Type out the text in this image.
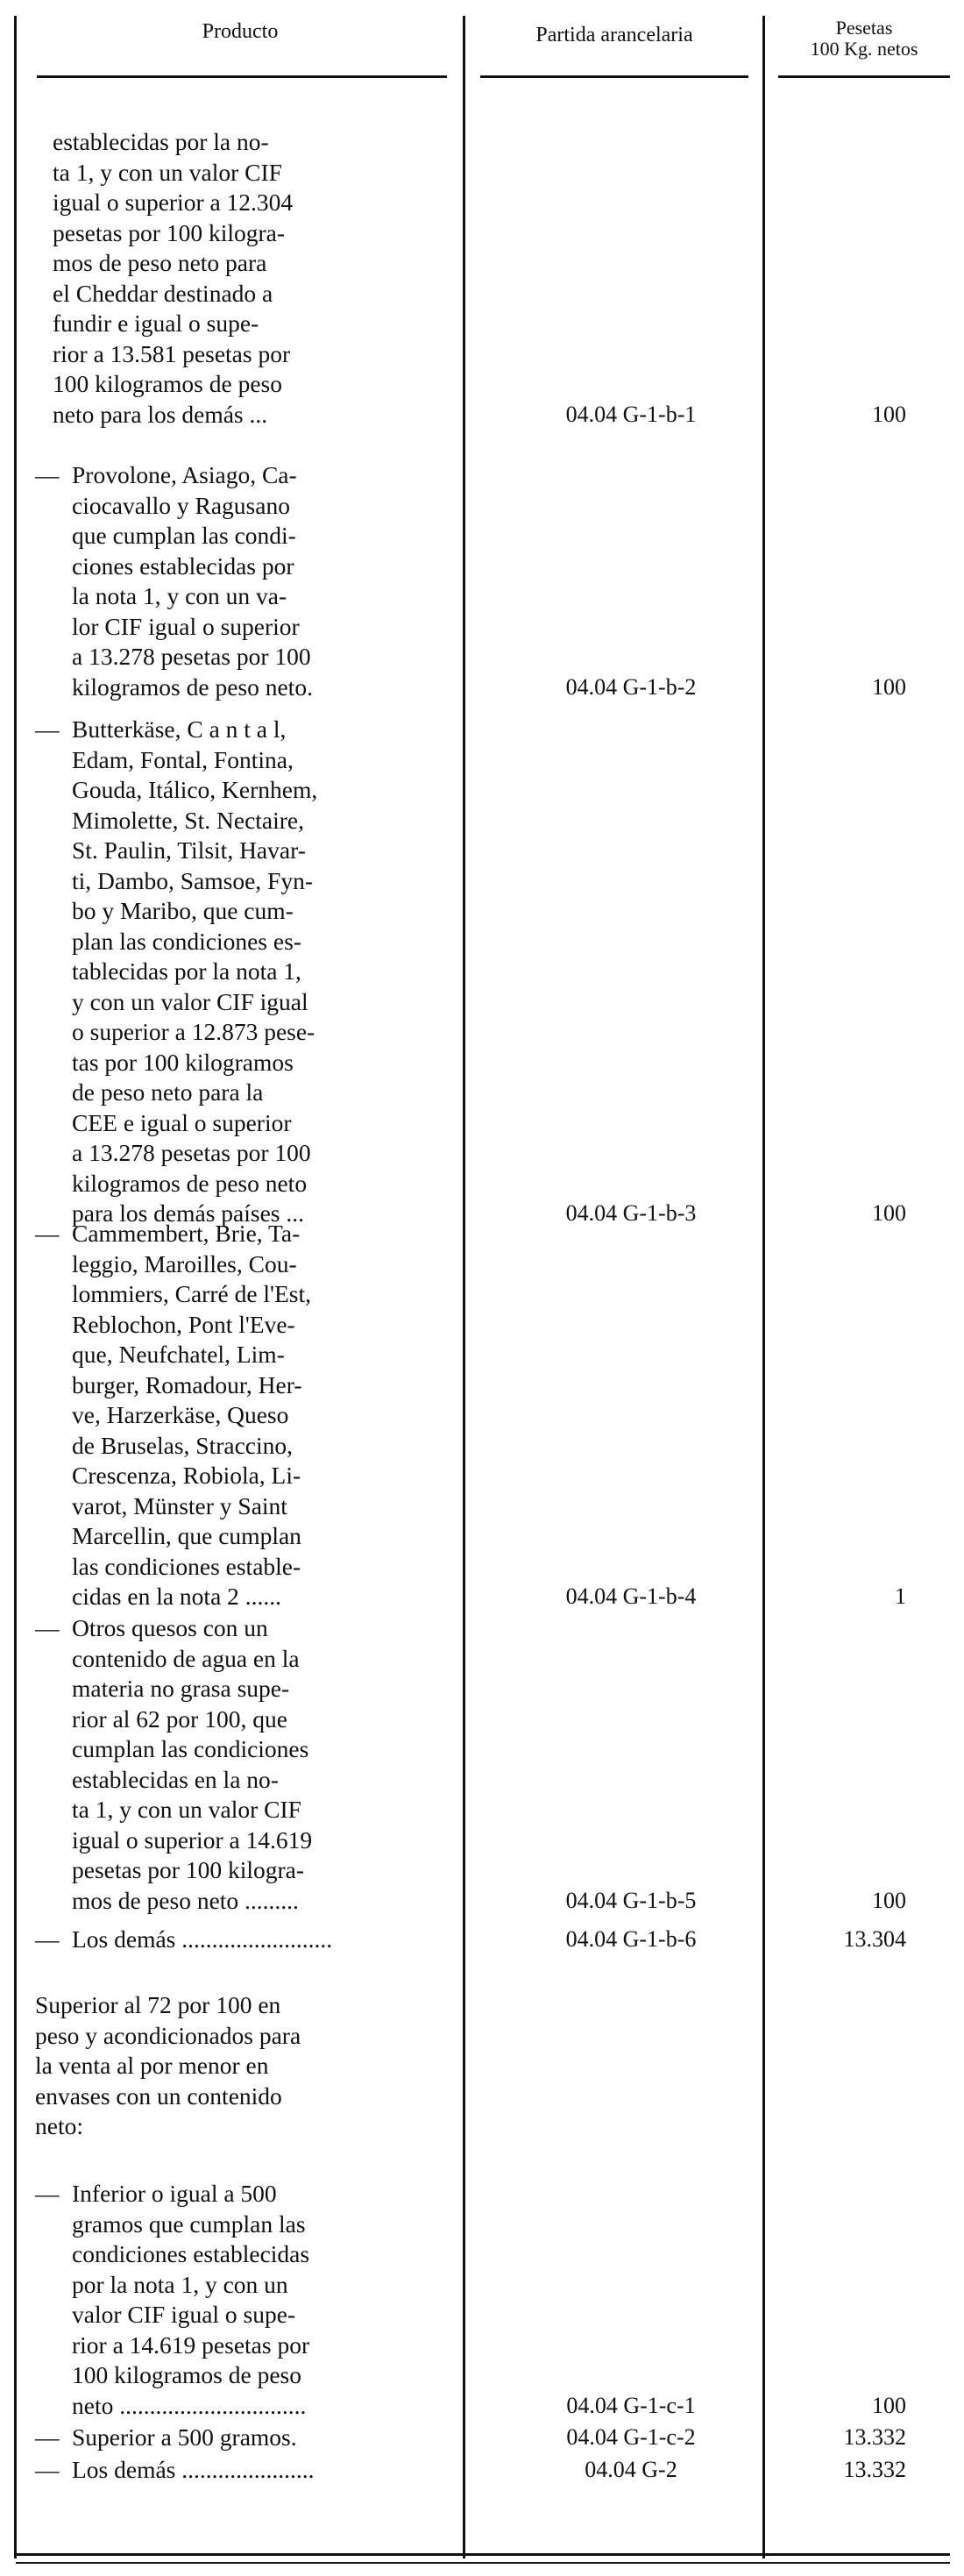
Producto	Partida arancelaria	Pesetas
100 Kg. netos
establecidas por la no-
ta 1, y con un valor CIF
igual o superior a 12.304
pesetas por 100 kilogra-
mos de peso neto para
el Cheddar destinado a
fundir e igual o supe-
rior a 13.581 pesetas por
100 kilogramos de peso
neto para los demás ...	04.04 G-1-b-1	100
— Provolone, Asiago, Ca-
ciocavallo y Ragusano
que cumplan las condi-
ciones establecidas por
la nota 1, y con un va-
lor CIF igual o superior
a 13.278 pesetas por 100
kilogramos de peso neto.	04.04 G-1-b-2	100
— Butterkäse, C a n t a l,
Edam, Fontal, Fontina,
Gouda, Itálico, Kernhem,
Mimolette, St. Nectaire,
St. Paulin, Tilsit, Havar-
ti, Dambo, Samsoe, Fyn-
bo y Maribo, que cum-
plan las condiciones es-
tablecidas por la nota 1,
y con un valor CIF igual
o superior a 12.873 pese-
tas por 100 kilogramos
de peso neto para la
CEE e igual o superior
a 13.278 pesetas por 100
kilogramos de peso neto
para los demás países ...	04.04 G-1-b-3	100
— Cammembert, Brie, Ta-
leggio, Maroilles, Cou-
lommiers, Carré de l'Est,
Reblochon, Pont l'Eve-
que, Neufchatel, Lim-
burger, Romadour, Her-
ve, Harzerkäse, Queso
de Bruselas, Straccino,
Crescenza, Robiola, Li-
varot, Münster y Saint
Marcellin, que cumplan
las condiciones estable-
cidas en la nota 2 ......	04.04 G-1-b-4	1
— Otros quesos con un
contenido de agua en la
materia no grasa supe-
rior al 62 por 100, que
cumplan las condiciones
establecidas en la no-
ta 1, y con un valor CIF
igual o superior a 14.619
pesetas por 100 kilogra-
mos de peso neto .........	04.04 G-1-b-5	100
— Los demás .........................	04.04 G-1-b-6	13.304
Superior al 72 por 100 en
peso y acondicionados para
la venta al por menor en
envases con un contenido
neto:
— Inferior o igual a 500
gramos que cumplan las
condiciones establecidas
por la nota 1, y con un
valor CIF igual o supe-
rior a 14.619 pesetas por
100 kilogramos de peso
neto ...............................	04.04 G-1-c-1	100
— Superior a 500 gramos.	04.04 G-1-c-2	13.332
— Los demás ......................	04.04 G-2	13.332
